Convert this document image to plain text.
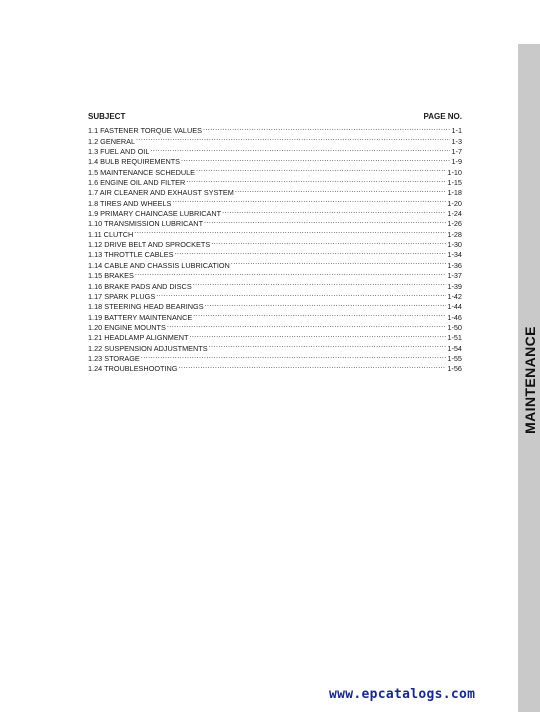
MAINTENANCE
SUBJECT	PAGE NO.
1.1 FASTENER TORQUE VALUES .....	1-1
1.2 GENERAL .....	1-3
1.3 FUEL AND OIL .....	1-7
1.4 BULB REQUIREMENTS .....	1-9
1.5 MAINTENANCE SCHEDULE .....	1-10
1.6 ENGINE OIL AND FILTER .....	1-15
1.7 AIR CLEANER AND EXHAUST SYSTEM .....	1-18
1.8 TIRES AND WHEELS .....	1-20
1.9 PRIMARY CHAINCASE LUBRICANT .....	1-24
1.10 TRANSMISSION LUBRICANT .....	1-26
1.11 CLUTCH .....	1-28
1.12 DRIVE BELT AND SPROCKETS .....	1-30
1.13 THROTTLE CABLES .....	1-34
1.14 CABLE AND CHASSIS LUBRICATION .....	1-36
1.15 BRAKES .....	1-37
1.16 BRAKE PADS AND DISCS .....	1-39
1.17 SPARK PLUGS .....	1-42
1.18 STEERING HEAD BEARINGS .....	1-44
1.19 BATTERY MAINTENANCE .....	1-46
1.20 ENGINE MOUNTS .....	1-50
1.21 HEADLAMP ALIGNMENT .....	1-51
1.22 SUSPENSION ADJUSTMENTS .....	1-54
1.23 STORAGE .....	1-55
1.24 TROUBLESHOOTING .....	1-56
www.epcatalogs.com
